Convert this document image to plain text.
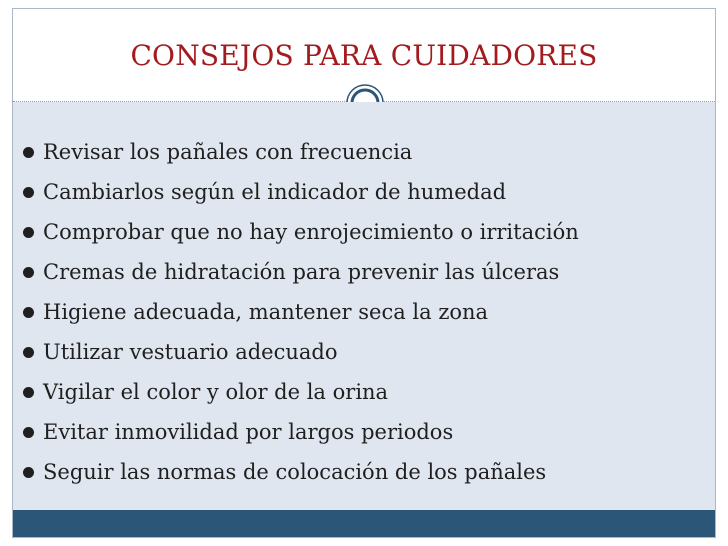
CONSEJOS PARA CUIDADORES
Revisar los pañales con frecuencia
Cambiarlos según el indicador de humedad
Comprobar que no hay enrojecimiento o irritación
Cremas de hidratación para prevenir las úlceras
Higiene adecuada, mantener seca la zona
Utilizar vestuario adecuado
Vigilar el color y olor de la orina
Evitar inmovilidad por largos periodos
Seguir las normas de colocación de los pañales
